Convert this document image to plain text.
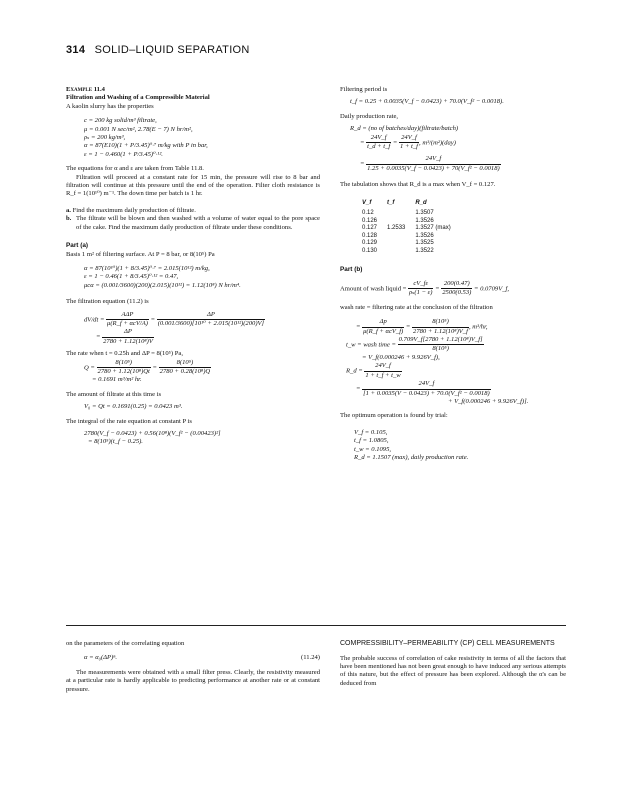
314 SOLID–LIQUID SEPARATION
Example 11.4
Filtration and Washing of a Compressible Material
A kaolin slurry has the properties
c = 200 kg solid/m³ filtrate,
μ = 0.001 N sec/m², 2.78(E − 7) N hr/m²,
ρₛ = 200 kg/m³,
α = 87(E10)(1 + P/3.45)⁰·⁷ m/kg with P in bar,
ε = 1 − 0.460(1 + P/3.45)⁰·¹².
The equations for α and ε are taken from Table 11.8.
Filtration will proceed at a constant rate for 15 min, the pressure will rise to 8 bar and filtration will continue at this pressure until the end of the operation. Filter cloth resistance is R_f = 1(10¹⁰) m⁻¹. The down time per batch is 1 hr.
a. Find the maximum daily production of filtrate.
b. The filtrate will be blown and then washed with a volume of water equal to the pore space of the cake. Find the maximum daily production of filtrate under these conditions.
Part (a)
Basis 1 m² of filtering surface. At P = 8 bar, or 8(10⁵) Pa
α = 87(10¹⁰)(1 + 8/3.45)⁰·⁷ = 2.015(10¹²) m/kg,
ε = 1 − 0.46(1 + 8/3.45)⁰·¹² = 0.47,
μcα = (0.001/3600)(200)(2.015)(10¹²) = 1.12(10⁸) N hr/m⁴.
The filtration equation (11.2) is
$dV/dt = \frac{\text{AΔP}}{\text{μ(R\_f + αcV/A)}} = \frac{\Delta P}{\text{(0.001/3600)[10¹⁰ + 2.015(10¹²)(200)V]}}$
= $\frac{\Delta P}{\text{2780 + 1.12(10⁸)V}}$
The rate when t = 0.25h and ΔP = 8(10⁵) Pa,
$Q = \frac{\text{8(10⁵)}}{\text{2780 + 1.12(10⁸)Qt}} = \frac{\text{8(10⁵)}}{\text{2780 + 0.28(10⁸)Q}}$
= 0.1691 m³/m² hr.
The amount of filtrate at this time is
V₀ = Qt = 0.1691(0.25) = 0.0423 m³.
The integral of the rate equation at constant P is
2780(V_f − 0.0423) + 0.56(10⁸)(V_f² − (0.00423)²]
= 8(10⁵)(t_f − 0.25).
Filtering period is
t_f = 0.25 + 0.0035(V_f − 0.0423) + 70.0(V_f² − 0.0018).
Daily production rate,
R_d = (no of batches/day)(filtrate/batch)
= $\frac{24V\_f}{t\_d + t\_f} = \frac{24V\_f}{1 + t\_f}$ , m³/(m²)(day)
= $\frac{24V\_f}{\text{1.25 + 0.0035(V\_f − 0.0423) + 70(V\_f² − 0.0018)}}$
The tabulation shows that R_d is a max when V_f = 0.127.
V_f	t_f	R_d
0.12		1.3507
0.126		1.3526
0.127	1.2533	1.3527 (max)
0.128		1.3526
0.129		1.3525
0.130		1.3522
Part (b)
Amount of wash liquid = $\frac{cV\_f\varepsilon}{\text{ρₛ(1 − ε)}} = \frac{200(0.47)}{2500(0.53)}$ = 0.0709V_f,
wash rate = filtering rate at the conclusion of the filtration
= $\frac{\Delta p}{\text{μ(R\_f + αcV\_f)}} = \frac{\text{8(10⁵)}}{\text{2780 + 1.12(10⁸)V\_f}}$ , m³/hr,
t_w = wash time = $\frac{\text{0.709V\_f[2780 + 1.12(10⁸)V\_f]}}{\text{8(10⁵)}}$
= V_f(0.000246 + 9.926V_f),
R_d = $\frac{24V\_f}{1 + t\_f + t\_w}$
= $\frac{24V\_f}{\text{[1 + 0.0035(V − 0.0423) + 70.0(V\_f² − 0.0018)}}$
+ V_f(0.000246 + 9.926V_f)].
The optimum operation is found by trial:
V_f = 0.105,
t_f = 1.0805,
t_w = 0.1095,
R_d = 1.1507 (max), daily production rate.
on the parameters of the correlating equation
α = α₀(ΔP)ⁿ.	(11.24)
The measurements were obtained with a small filter press. Clearly, the resistivity measured at a particular rate is hardly applicable to predicting performance at another rate or at constant pressure.
COMPRESSIBILITY–PERMEABILITY (CP) CELL MEASUREMENTS
The probable success of correlation of cake resistivity in terms of all the factors that have been mentioned has not been great enough to have induced any serious attempts of this nature, but the effect of pressure has been explored. Although the α's can be deduced from
